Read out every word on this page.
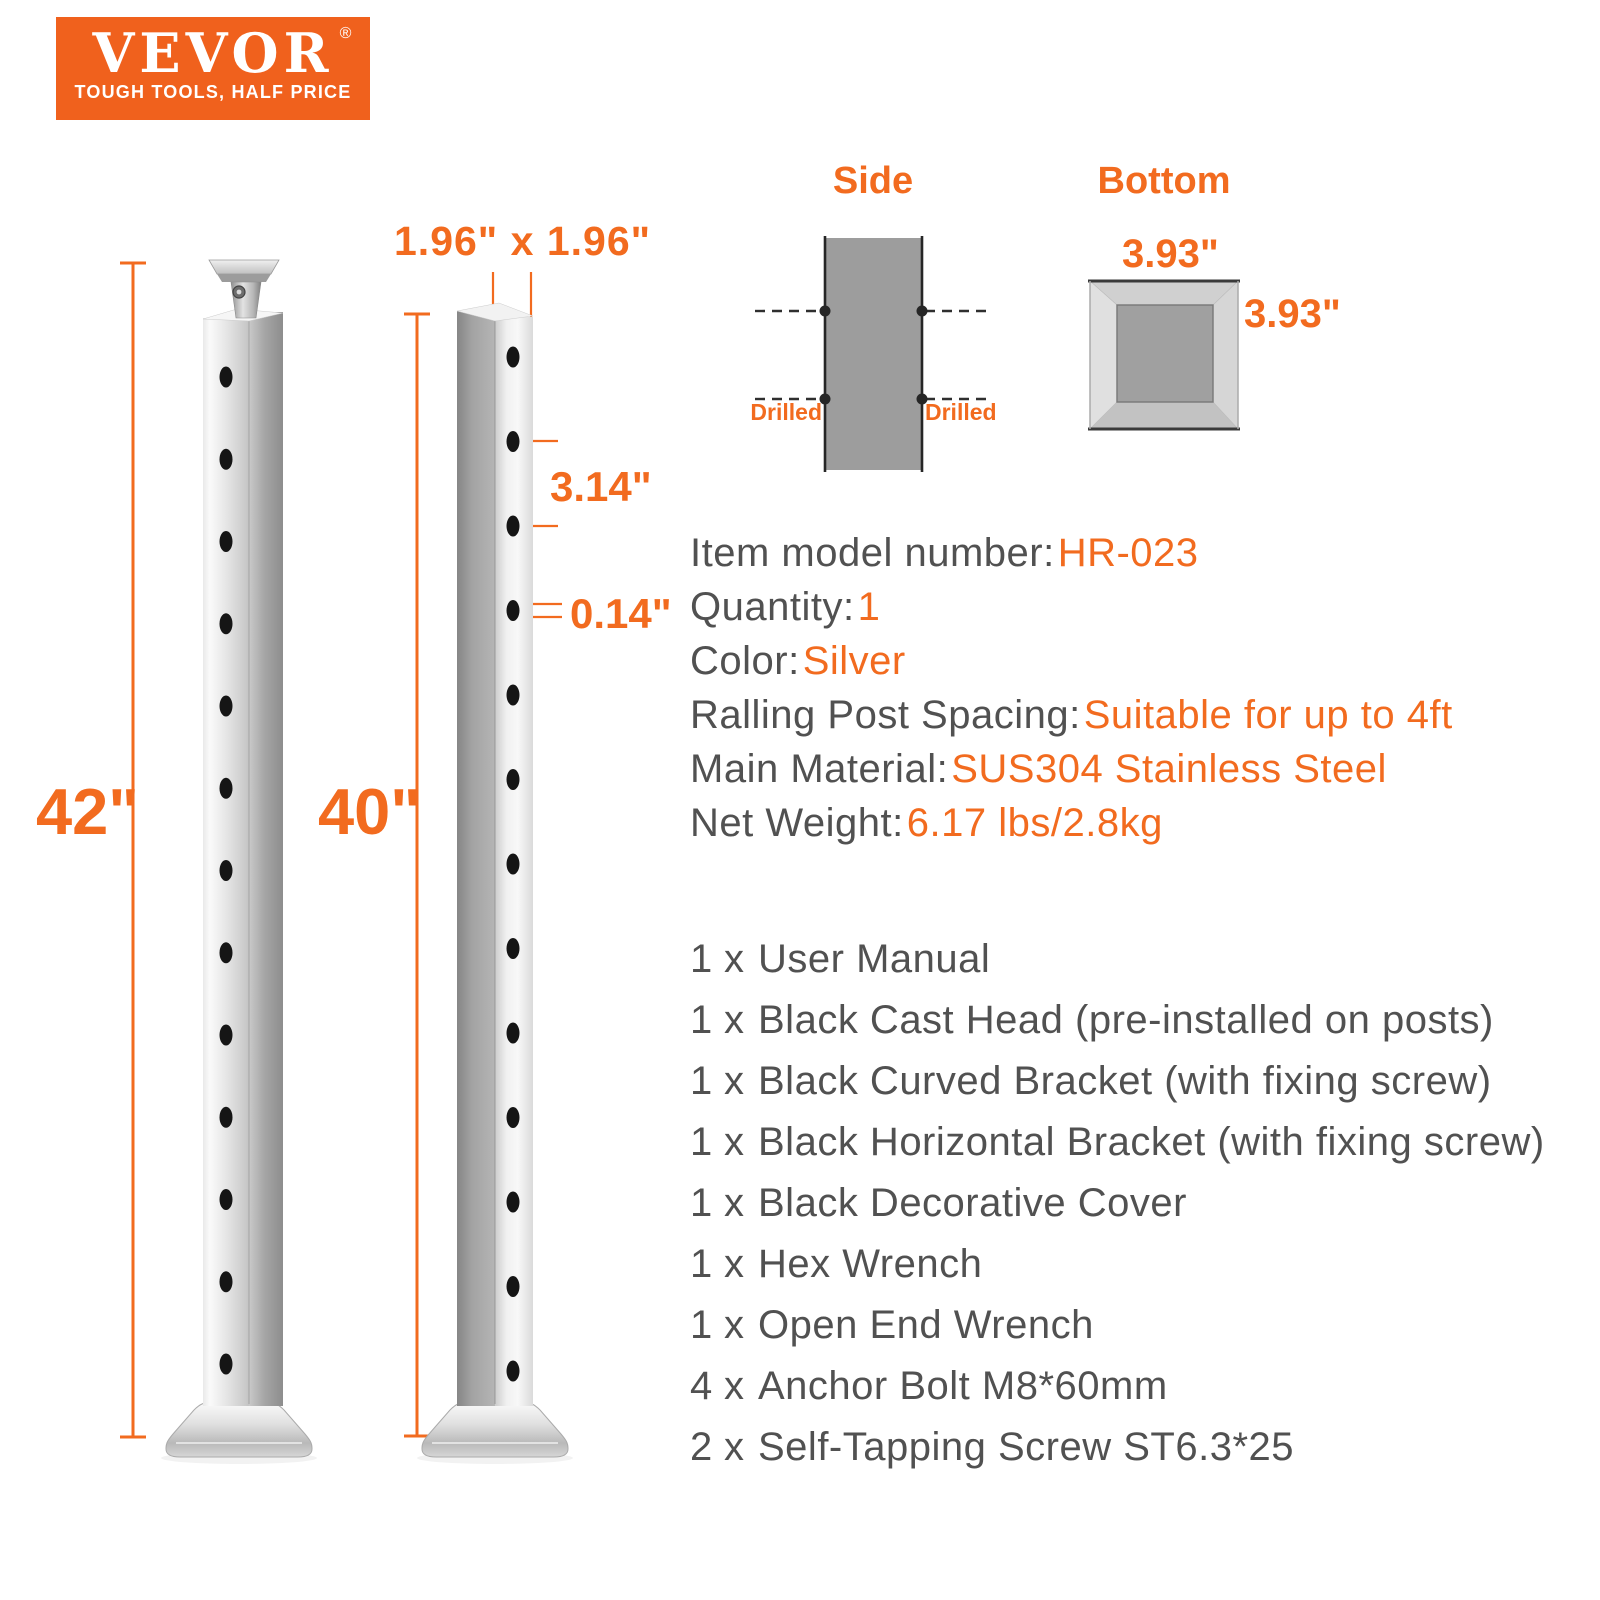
VEVOR ®
TOUGH TOOLS, HALF PRICE
42"	40"
1.96" x 1.96"
3.14"
0.14"
Side	Bottom
3.93"
3.93"
Drilled	Drilled
Item model number:HR-023
Quantity:1
Color:Silver
Ralling Post Spacing:Suitable for up to 4ft
Main Material:SUS304 Stainless Steel
Net Weight:6.17 lbs/2.8kg
1 x User Manual
1 x Black Cast Head (pre-installed on posts)
1 x Black Curved Bracket (with fixing screw)
1 x Black Horizontal Bracket (with fixing screw)
1 x Black Decorative Cover
1 x Hex Wrench
1 x Open End Wrench
4 x Anchor Bolt M8*60mm
2 x Self-Tapping Screw ST6.3*25
